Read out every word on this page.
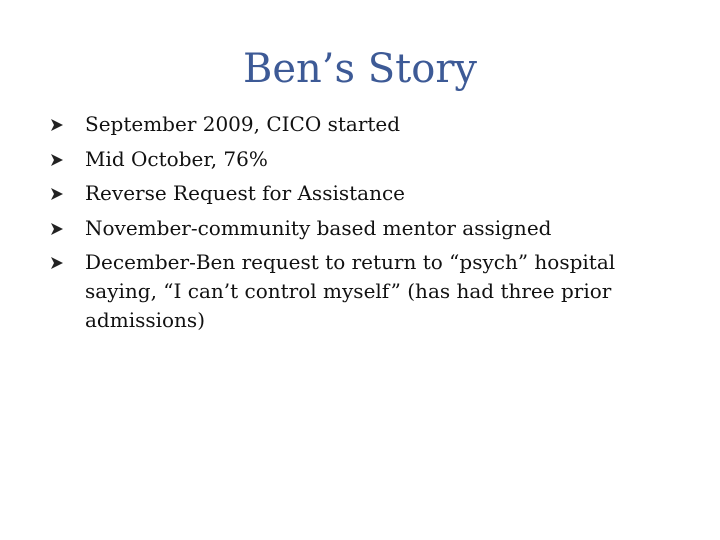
Ben’s Story
September 2009, CICO started
Mid October, 76%
Reverse Request for Assistance
November-community based mentor assigned
December-Ben request to return to “psych” hospital saying, “I can’t control myself” (has had three prior admissions)
